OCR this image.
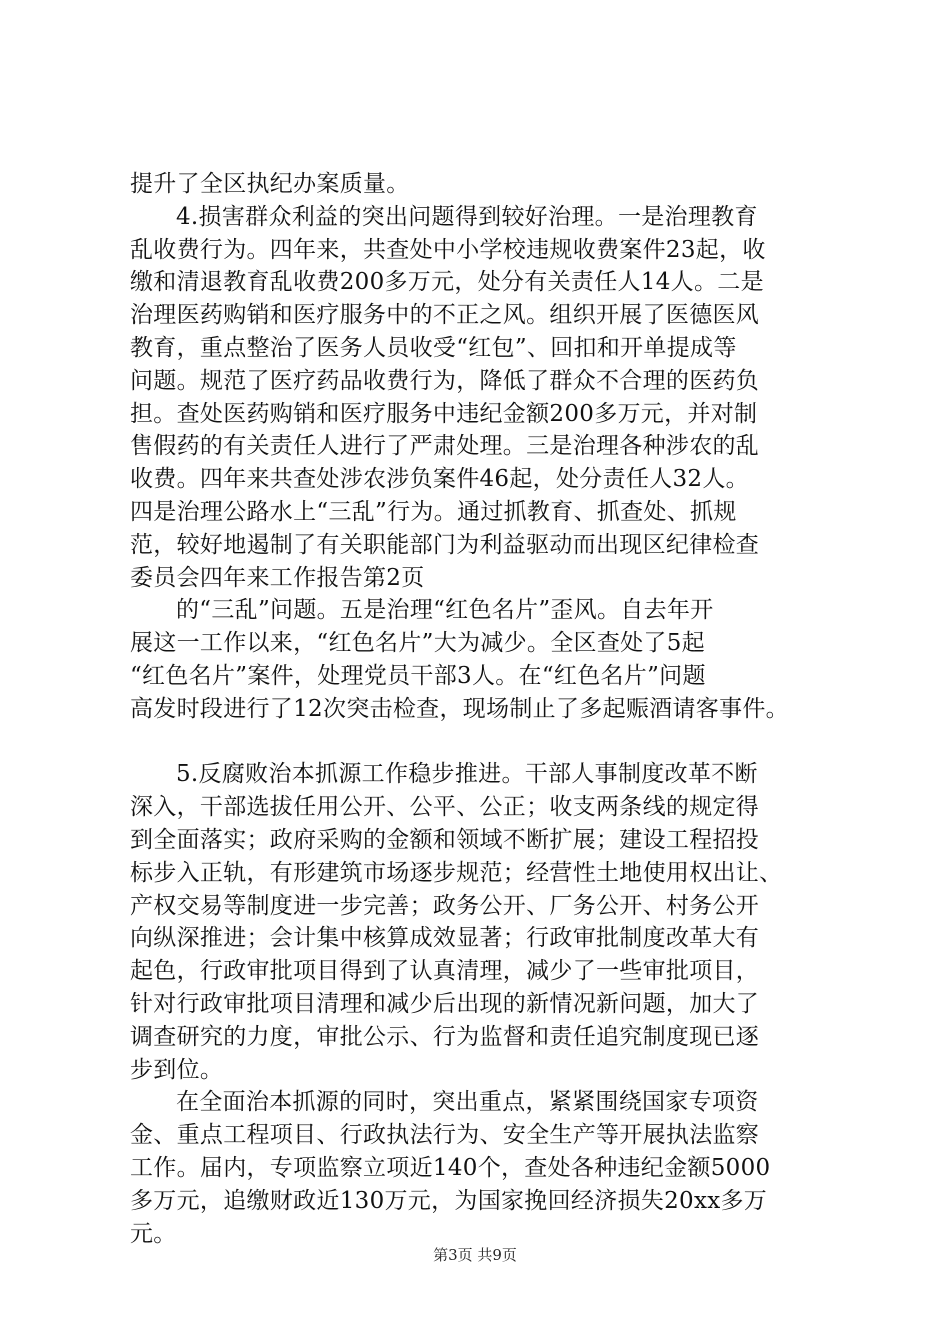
提升了全区执纪办案质量。
4.损害群众利益的突出问题得到较好治理。一是治理教育
乱收费行为。四年来，共查处中小学校违规收费案件23起，收
缴和清退教育乱收费200多万元，处分有关责任人14人。二是
治理医药购销和医疗服务中的不正之风。组织开展了医德医风
教育，重点整治了医务人员收受“红包”、回扣和开单提成等
问题。规范了医疗药品收费行为，降低了群众不合理的医药负
担。查处医药购销和医疗服务中违纪金额200多万元，并对制
售假药的有关责任人进行了严肃处理。三是治理各种涉农的乱
收费。四年来共查处涉农涉负案件46起，处分责任人32人。
四是治理公路水上“三乱”行为。通过抓教育、抓查处、抓规
范，较好地遏制了有关职能部门为利益驱动而出现区纪律检查
委员会四年来工作报告第2页
的“三乱”问题。五是治理“红色名片”歪风。自去年开
展这一工作以来，“红色名片”大为减少。全区查处了5起
“红色名片”案件，处理党员干部3人。在“红色名片”问题
高发时段进行了12次突击检查，现场制止了多起赈酒请客事件。
5.反腐败治本抓源工作稳步推进。干部人事制度改革不断
深入，干部选拔任用公开、公平、公正；收支两条线的规定得
到全面落实；政府采购的金额和领域不断扩展；建设工程招投
标步入正轨，有形建筑市场逐步规范；经营性土地使用权出让、
产权交易等制度进一步完善；政务公开、厂务公开、村务公开
向纵深推进；会计集中核算成效显著；行政审批制度改革大有
起色，行政审批项目得到了认真清理，减少了一些审批项目，
针对行政审批项目清理和减少后出现的新情况新问题，加大了
调查研究的力度，审批公示、行为监督和责任追究制度现已逐
步到位。
在全面治本抓源的同时，突出重点，紧紧围绕国家专项资
金、重点工程项目、行政执法行为、安全生产等开展执法监察
工作。届内，专项监察立项近140个，查处各种违纪金额5000
多万元，追缴财政近130万元，为国家挽回经济损失20xx多万
元。
第3页 共9页
